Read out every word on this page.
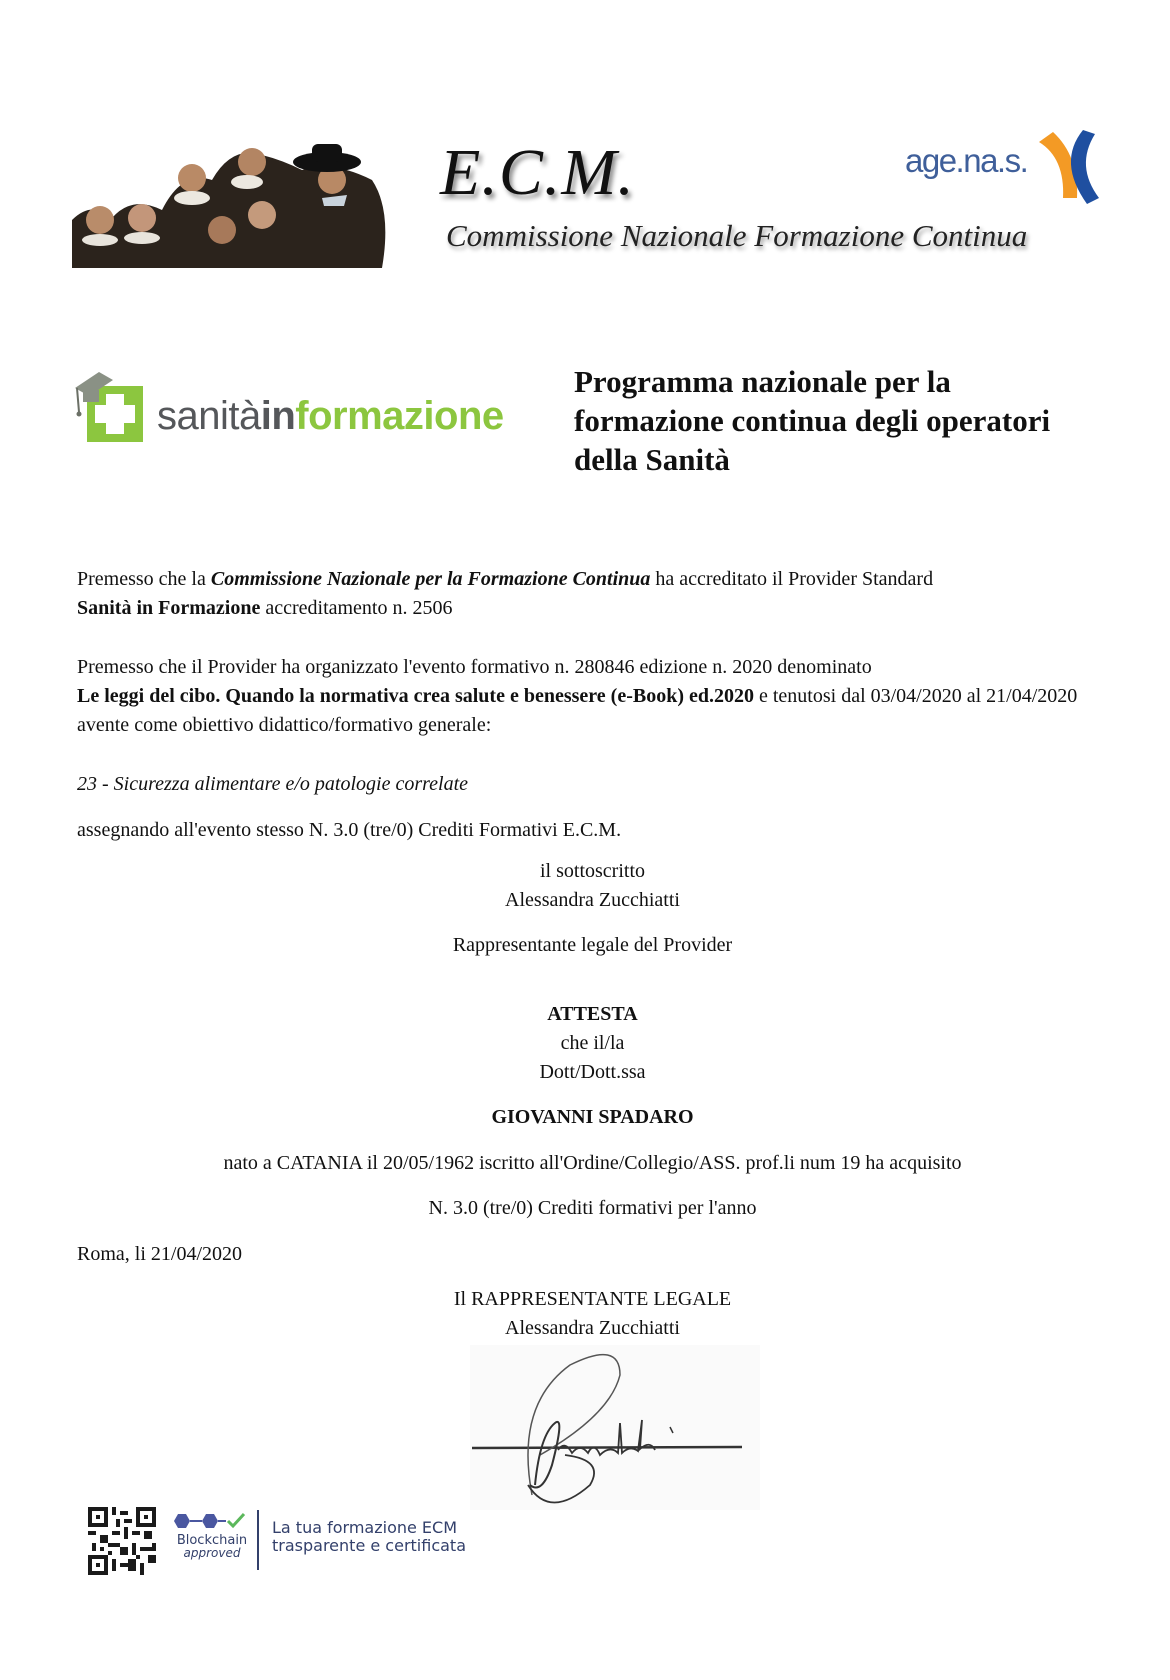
E.C.M.
Commissione Nazionale Formazione Continua
age.na.s.
sanitàinformazione
Programma nazionale per la
formazione continua degli operatori
della Sanità
Premesso che la Commissione Nazionale per la Formazione Continua ha accreditato il Provider Standard
Sanità in Formazione accreditamento n. 2506
Premesso che il Provider ha organizzato l'evento formativo n. 280846 edizione n. 2020 denominato
Le leggi del cibo. Quando la normativa crea salute e benessere (e-Book) ed.2020 e tenutosi dal 03/04/2020 al 21/04/2020 avente come obiettivo didattico/formativo generale:
23 - Sicurezza alimentare e/o patologie correlate
assegnando all'evento stesso N. 3.0 (tre/0) Crediti Formativi E.C.M.
il sottoscritto
Alessandra Zucchiatti
Rappresentante legale del Provider
ATTESTA
che il/la
Dott/Dott.ssa
GIOVANNI SPADARO
nato a CATANIA il 20/05/1962 iscritto all'Ordine/Collegio/ASS. prof.li num 19 ha acquisito
N. 3.0 (tre/0) Crediti formativi per l'anno
Roma, li 21/04/2020
Il RAPPRESENTANTE LEGALE
Alessandra Zucchiatti
Blockchain
approved
La tua formazione ECM
trasparente e certificata
